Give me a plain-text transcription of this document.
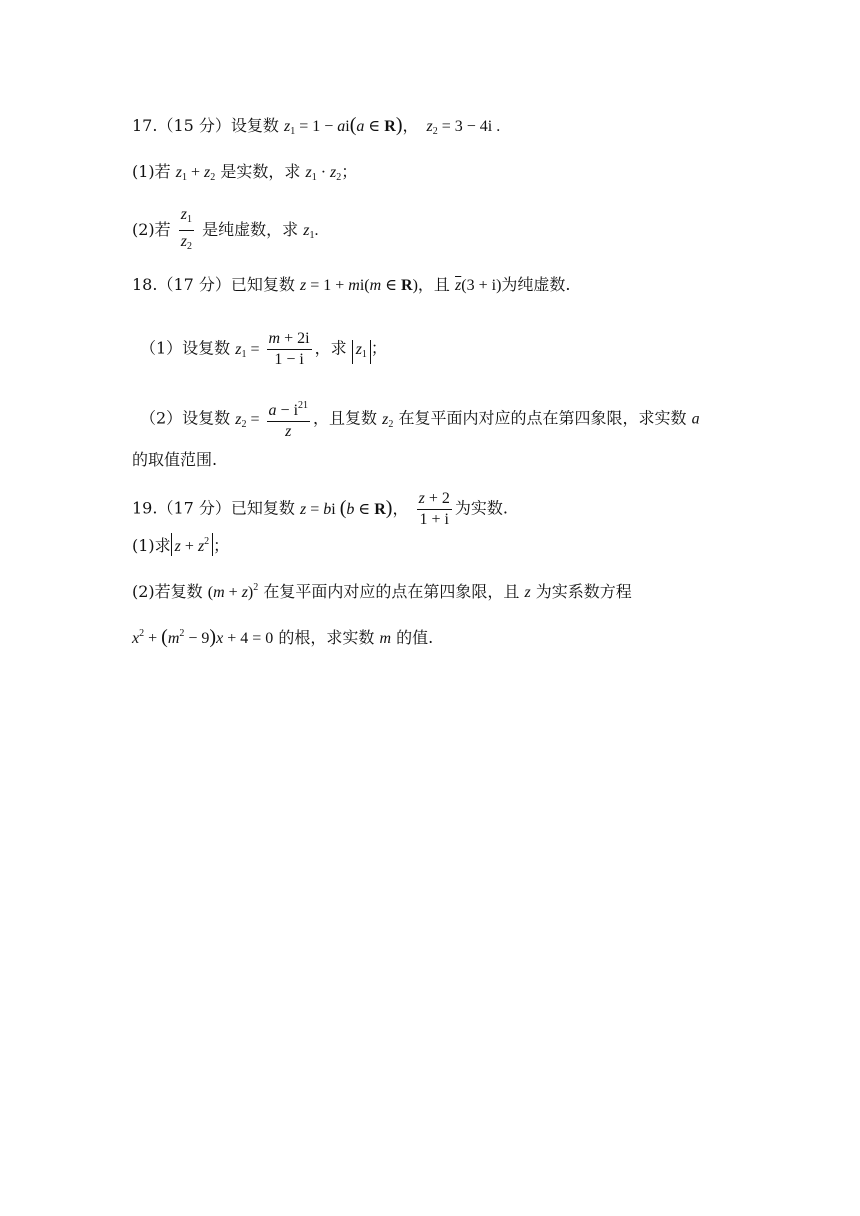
17.（15 分）设复数 $z_1 = 1 - ai(a$ ∈ R)，  $z_2 = 3 - 4i$ .
(1)若 $z_1 + z_2$ 是实数，求 $z_1 \cdot z_2$；
(2)若 $\frac{z_1}{z_2}$ 是纯虚数，求 $z_1$.
18.（17 分）已知复数 z = 1 + mi(m ∈ R)，且 $\overline{z}(3 + i)$为纯虚数.
（1）设复数 $z_1 = \frac{m + 2i}{1 - i}$ ，求 $z_1$ ；
（2）设复数 $z_2 = \frac{a - i^{21}}{z}$ ，且复数 $z_2$ 在复平面内对应的点在第四象限，求实数 a
的取值范围.
19.（17 分）已知复数 z = bi (b ∈ R)， $\frac{z + 2}{1 + i}$ 为实数.
(1)求 $z + z^2$ ；
(2)若复数 $(m + z)^2$ 在复平面内对应的点在第四象限，且 z 为实系数方程
$x^2 + (m^2 - 9)x + 4 = 0$ 的根，求实数 m 的值.
